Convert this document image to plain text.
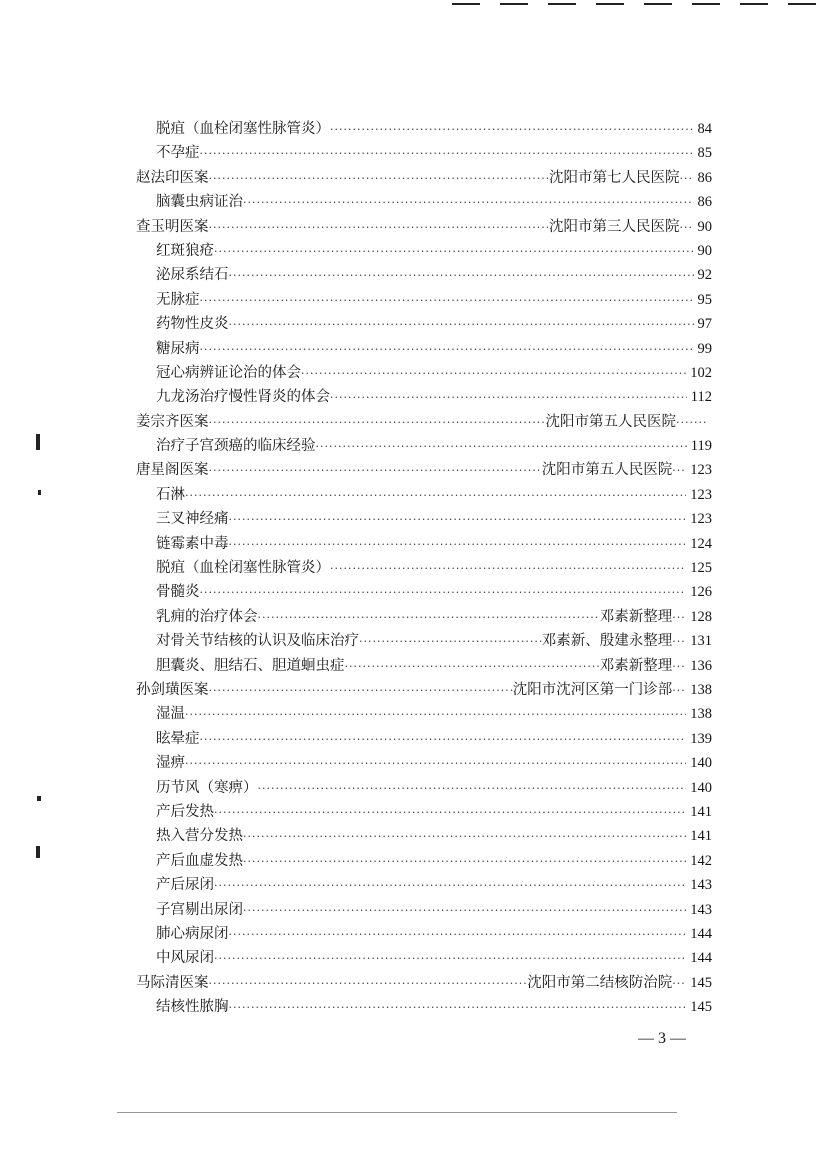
脱疽（血栓闭塞性脉管炎） ·····	84
不孕症 ·····	85
赵法印医案 ·····	沈阳市第七人民医院 ····· 86
脑囊虫病证治 ·····	86
查玉明医案 ·····	沈阳市第三人民医院 ····· 90
红斑狼疮 ·····	90
泌尿系结石 ·····	92
无脉症 ·····	95
药物性皮炎 ·····	97
糖尿病 ·····	99
冠心病辨证论治的体会 ·····	102
九龙汤治疗慢性肾炎的体会 ·····	112
姜宗齐医案 ·····	沈阳市第五人民医院
·····
治疗子宫颈癌的临床经验 ·····	119
唐星阁医案 ·····	沈阳市第五人民医院 ····· 123
石淋 ·····	123
三叉神经痛 ·····	123
链霉素中毒 ·····	124
脱疽（血栓闭塞性脉管炎） ·····	125
骨髓炎 ·····	126
乳痈的治疗体会 ·····	邓素新整理 ····· 128
对骨关节结核的认识及临床治疗 ·····	邓素新、殷建永整理 ····· 131
胆囊炎、胆结石、胆道蛔虫症 ·····	邓素新整理 ····· 136
孙剑璜医案 ·····	沈阳市沈河区第一门诊部 ····· 138
湿温 ·····	138
眩晕症 ·····	139
湿痹 ·····	140
历节风（寒痹） ·····	140
产后发热 ·····	141
热入营分发热 ·····	141
产后血虚发热 ·····	142
产后尿闭 ·····	143
子宫剔出尿闭 ·····	143
肺心病尿闭 ·····	144
中风尿闭 ·····	144
马际清医案 ·····	沈阳市第二结核防治院 ····· 145
结核性脓胸 ·····	145
— 3 —
